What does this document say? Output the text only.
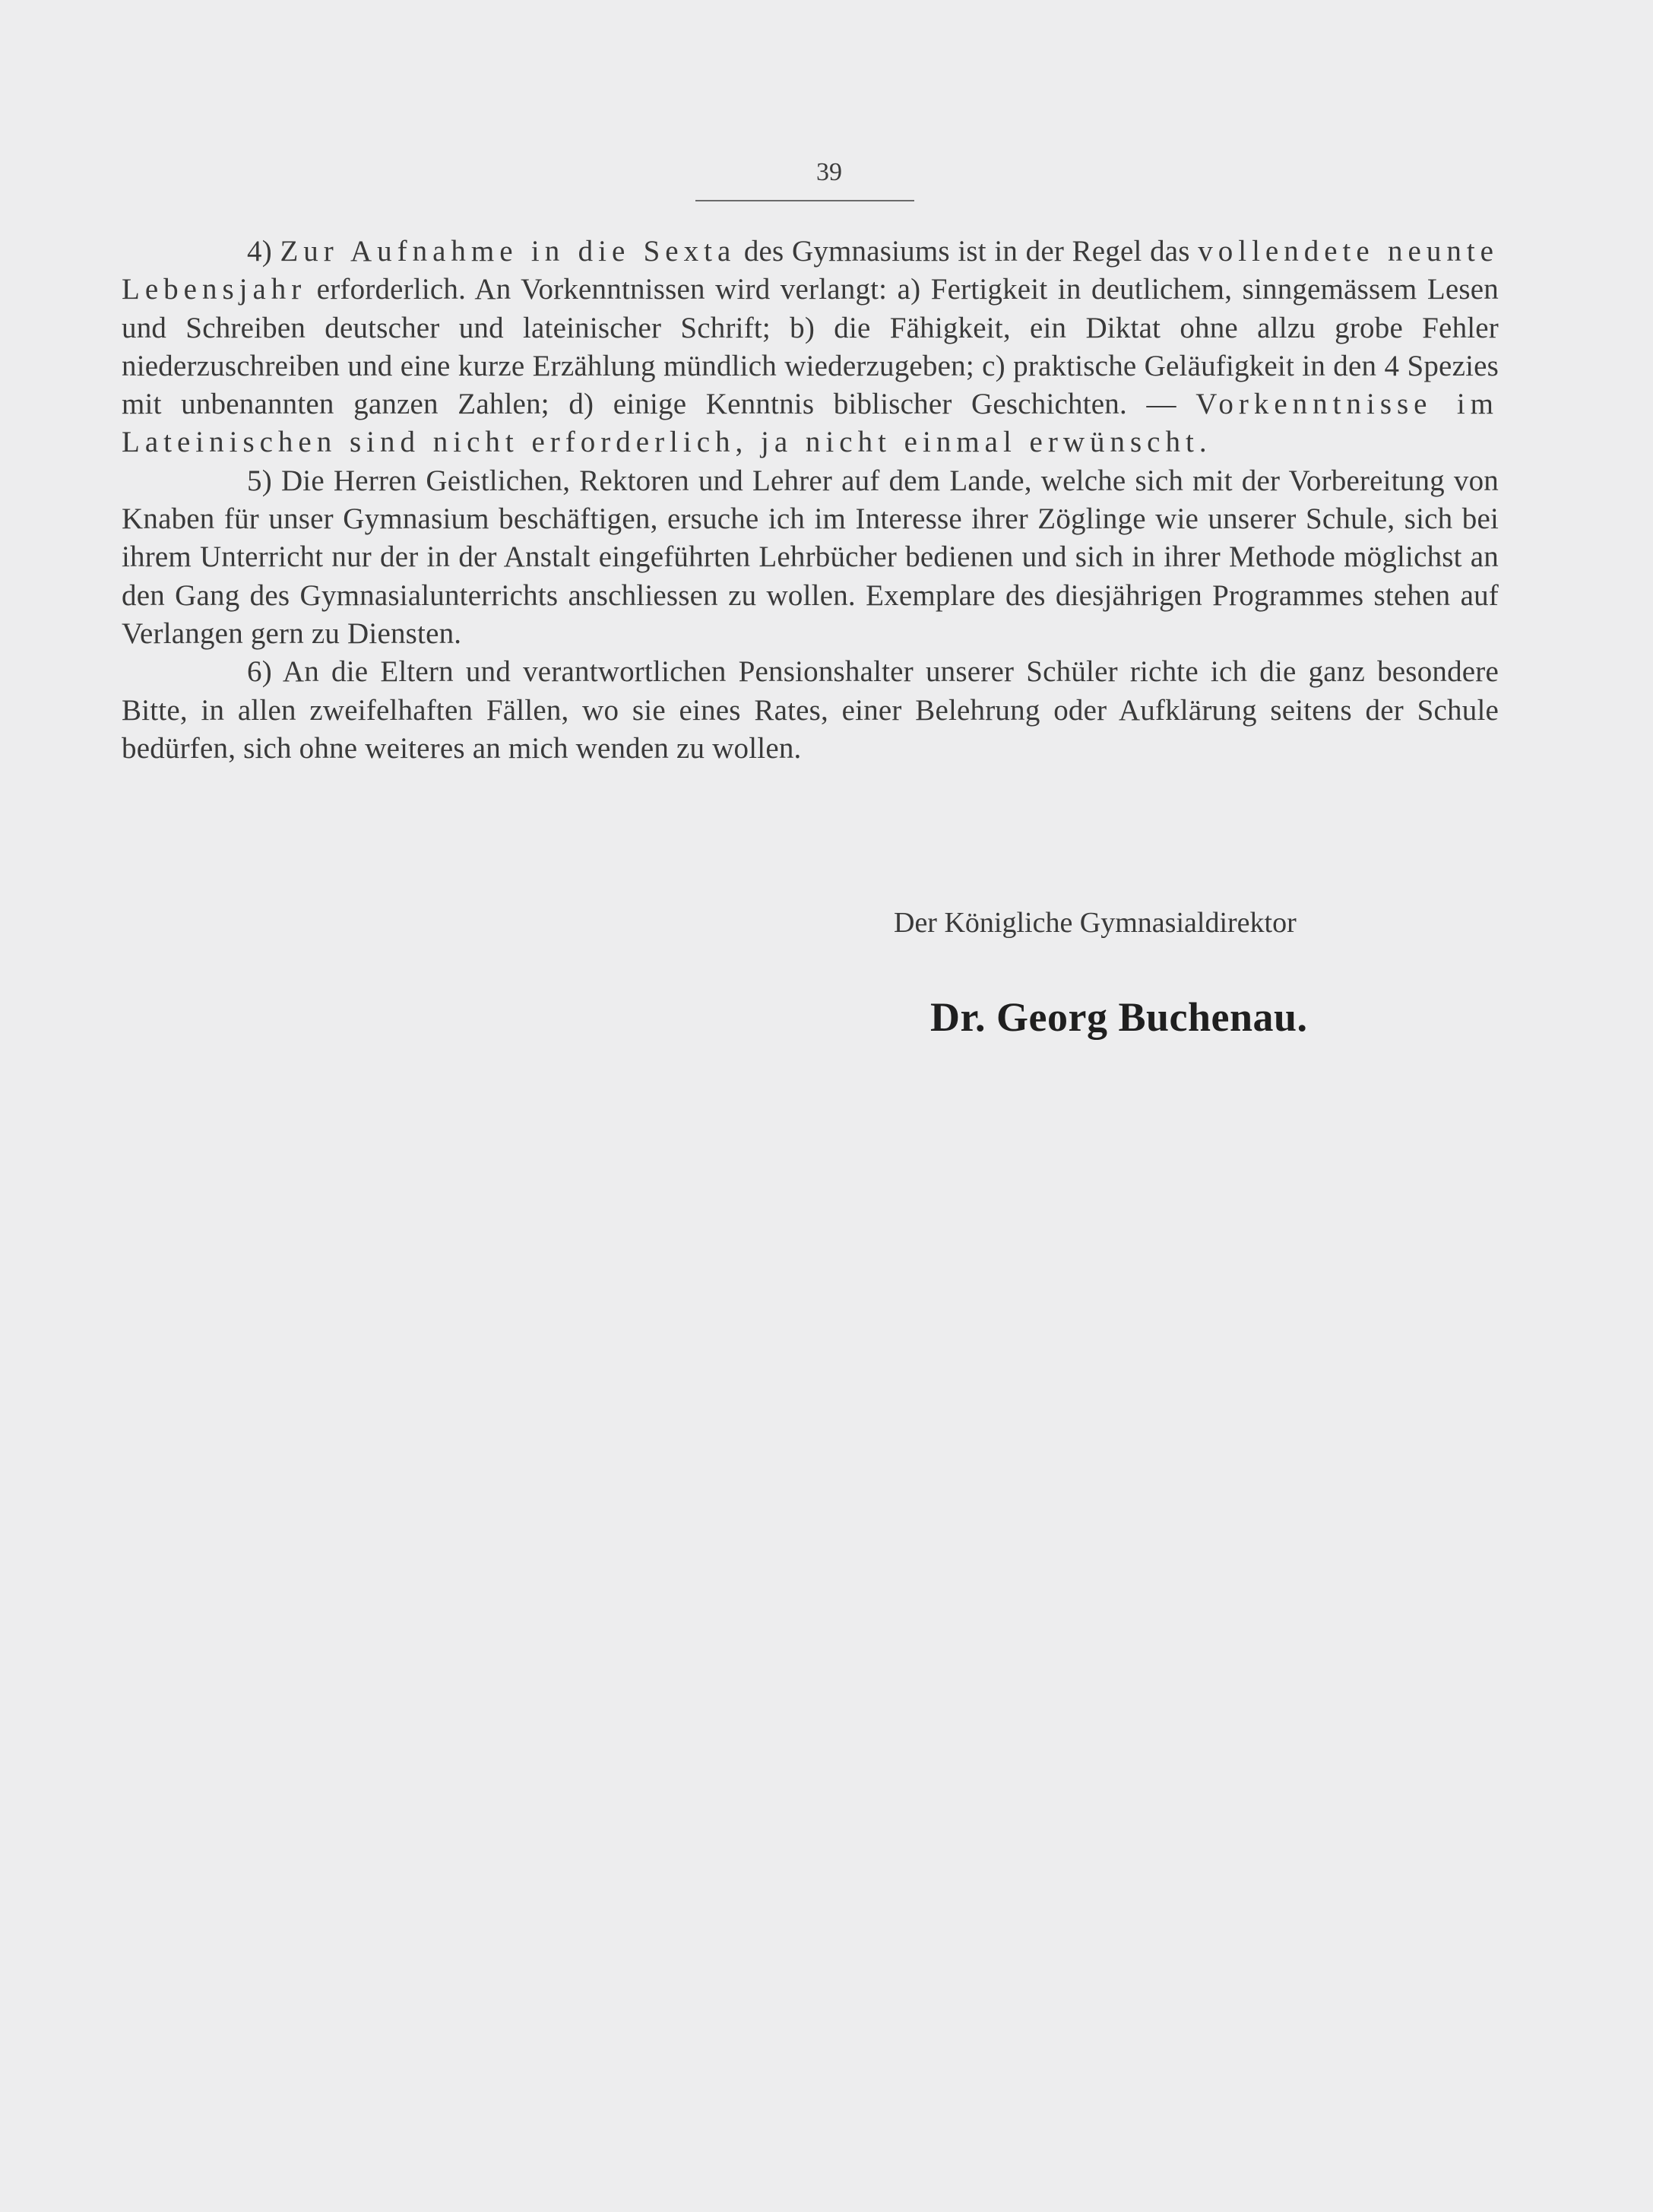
39

4) Zur Aufnahme in die Sexta des Gymnasiums ist in der Regel das vollendete neunte Lebensjahr erforderlich. An Vorkenntnissen wird verlangt: a) Fertigkeit in deutlichem, sinngemässem Lesen und Schreiben deutscher und lateinischer Schrift; b) die Fähigkeit, ein Diktat ohne allzu grobe Fehler niederzuschreiben und eine kurze Erzählung mündlich wiederzugeben; c) praktische Geläufigkeit in den 4 Spezies mit unbenannten ganzen Zahlen; d) einige Kenntnis biblischer Geschichten. — Vorkenntnisse im Lateinischen sind nicht erforderlich, ja nicht einmal erwünscht.

5) Die Herren Geistlichen, Rektoren und Lehrer auf dem Lande, welche sich mit der Vorbereitung von Knaben für unser Gymnasium beschäftigen, ersuche ich im Interesse ihrer Zöglinge wie unserer Schule, sich bei ihrem Unterricht nur der in der Anstalt eingeführten Lehrbücher bedienen und sich in ihrer Methode möglichst an den Gang des Gymnasialunterrichts anschliessen zu wollen. Exemplare des diesjährigen Programmes stehen auf Verlangen gern zu Diensten.

6) An die Eltern und verantwortlichen Pensionshalter unserer Schüler richte ich die ganz besondere Bitte, in allen zweifelhaften Fällen, wo sie eines Rates, einer Belehrung oder Aufklärung seitens der Schule bedürfen, sich ohne weiteres an mich wenden zu wollen.

Der Königliche Gymnasialdirektor
Dr. Georg Buchenau.
